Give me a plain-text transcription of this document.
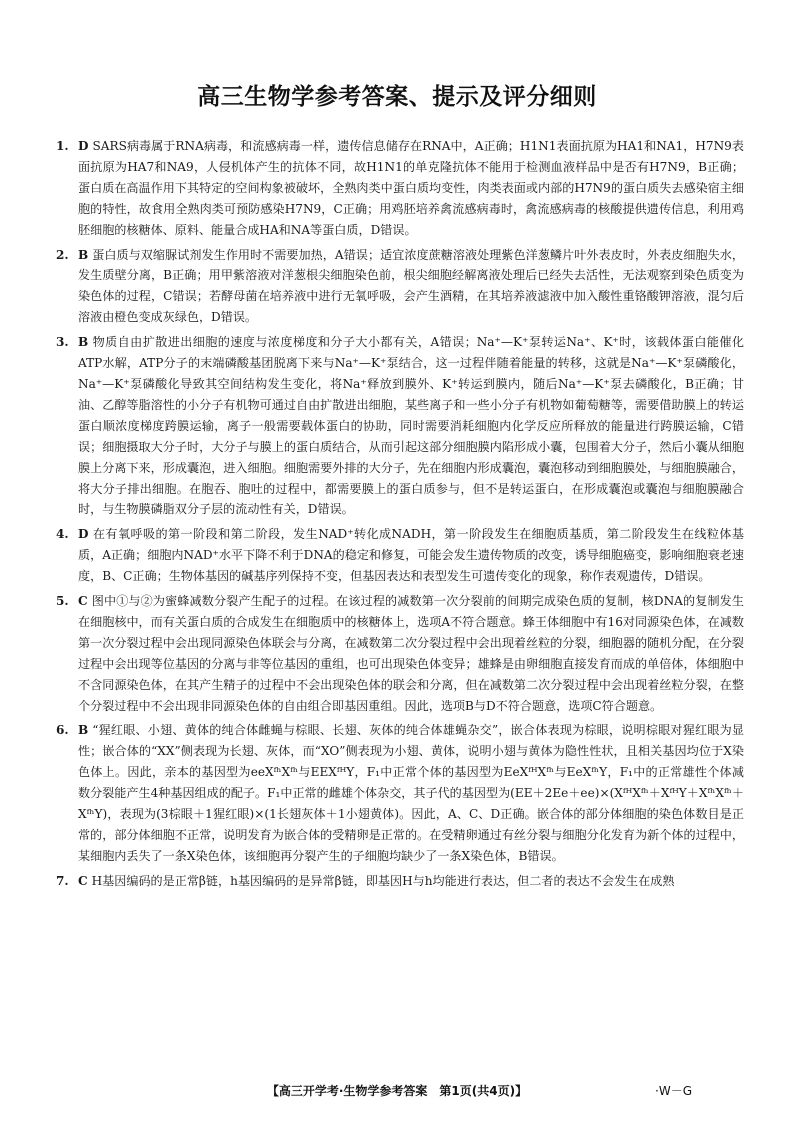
高三生物学参考答案、提示及评分细则
1. D SARS病毒属于RNA病毒，和流感病毒一样，遗传信息储存在RNA中，A正确；H1N1表面抗原为HA1和NA1，H7N9表面抗原为HA7和NA9，人侵机体产生的抗体不同，故H1N1的单克隆抗体不能用于检测血液样品中是否有H7N9，B正确；蛋白质在高温作用下其特定的空间构象被破坏，全熟肉类中蛋白质均变性，肉类表面或内部的H7N9的蛋白质失去感染宿主细胞的特性，故食用全熟肉类可预防感染H7N9，C正确；用鸡胚培养禽流感病毒时，禽流感病毒的核酸提供遗传信息，利用鸡胚细胞的核糖体、原料、能量合成HA和NA等蛋白质，D错误。
2. B 蛋白质与双缩脲试剂发生作用时不需要加热，A错误；适宜浓度蔗糖溶液处理紫色洋葱鳞片叶外表皮时，外表皮细胞失水，发生质壁分离，B正确；用甲紫溶液对洋葱根尖细胞染色前，根尖细胞经解离液处理后已经失去活性，无法观察到染色质变为染色体的过程，C错误；若酵母菌在培养液中进行无氧呼吸，会产生酒精，在其培养液滤液中加入酸性重铬酸钾溶液，混匀后溶液由橙色变成灰绿色，D错误。
3. B 物质自由扩散进出细胞的速度与浓度梯度和分子大小都有关，A错误；Na⁺—K⁺泵转运Na⁺、K⁺时，该载体蛋白能催化ATP水解，ATP分子的末端磷酸基团脱离下来与Na⁺—K⁺泵结合，这一过程伴随着能量的转移，这就是Na⁺—K⁺泵磷酸化，Na⁺—K⁺泵磷酸化导致其空间结构发生变化，将Na⁺释放到膜外、K⁺转运到膜内，随后Na⁺—K⁺泵去磷酸化，B正确；甘油、乙醇等脂溶性的小分子有机物可通过自由扩散进出细胞，某些离子和一些小分子有机物如葡萄糖等，需要借助膜上的转运蛋白顺浓度梯度跨膜运输，离子一般需要载体蛋白的协助，同时需要消耗细胞内化学反应所释放的能量进行跨膜运输，C错误；细胞摄取大分子时，大分子与膜上的蛋白质结合，从而引起这部分细胞膜内陷形成小囊，包围着大分子，然后小囊从细胞膜上分离下来，形成囊泡，进入细胞。细胞需要外排的大分子，先在细胞内形成囊泡，囊泡移动到细胞膜处，与细胞膜融合，将大分子排出细胞。在胞吞、胞吐的过程中，都需要膜上的蛋白质参与，但不是转运蛋白，在形成囊泡或囊泡与细胞膜融合时，与生物膜磷脂双分子层的流动性有关，D错误。
4. D 在有氧呼吸的第一阶段和第二阶段，发生NAD⁺转化成NADH，第一阶段发生在细胞质基质，第二阶段发生在线粒体基质，A正确；细胞内NAD⁺水平下降不利于DNA的稳定和修复，可能会发生遗传物质的改变，诱导细胞癌变，影响细胞衰老速度，B、C正确；生物体基因的碱基序列保持不变，但基因表达和表型发生可遗传变化的现象，称作表观遗传，D错误。
5. C 图中①与②为蜜蜂减数分裂产生配子的过程。在该过程的减数第一次分裂前的间期完成染色质的复制，核DNA的复制发生在细胞核中，而有关蛋白质的合成发生在细胞质中的核糖体上，选项A不符合题意。蜂王体细胞中有16对同源染色体，在减数第一次分裂过程中会出现同源染色体联会与分离，在减数第二次分裂过程中会出现着丝粒的分裂，细胞器的随机分配，在分裂过程中会出现等位基因的分离与非等位基因的重组，也可出现染色体变异；雄蜂是由卵细胞直接发育而成的单倍体，体细胞中不含同源染色体，在其产生精子的过程中不会出现染色体的联会和分离，但在减数第二次分裂过程中会出现着丝粒分裂，在整个分裂过程中不会出现非同源染色体的自由组合即基因重组。因此，选项B与D不符合题意，选项C符合题意。
6. B “猩红眼、小翅、黄体的纯合体雌蝇与棕眼、长翅、灰体的纯合体雄蝇杂交”，嵌合体表现为棕眼，说明棕眼对猩红眼为显性；嵌合体的“XX”侧表现为长翅、灰体，而“XO”侧表现为小翅、黄体，说明小翅与黄体为隐性性状，且相关基因均位于X染色体上。因此，亲本的基因型为eeXᶠʰXᶠʰ与EEXᶠᴴY，F₁中正常个体的基因型为EeXᶠᴴXᶠʰ与EeXᶠʰY，F₁中的正常雄性个体减数分裂能产生4种基因组成的配子。F₁中正常的雌雄个体杂交，其子代的基因型为(EE＋2Ee＋ee)×(XᶠᴴXᶠʰ＋XᶠᴴY＋XᶠʰXᶠʰ＋XᶠʰY)，表现为(3棕眼＋1猩红眼)×(1长翅灰体＋1小翅黄体)。因此，A、C、D正确。嵌合体的部分体细胞的染色体数目是正常的，部分体细胞不正常，说明发育为嵌合体的受精卵是正常的。在受精卵通过有丝分裂与细胞分化发育为新个体的过程中，某细胞内丢失了一条X染色体，该细胞再分裂产生的子细胞均缺少了一条X染色体，B错误。
7. C H基因编码的是正常β链，h基因编码的是异常β链，即基因H与h均能进行表达，但二者的表达不会发生在成熟
【高三开学考·生物学参考答案　第1页(共4页)】	·W－G
